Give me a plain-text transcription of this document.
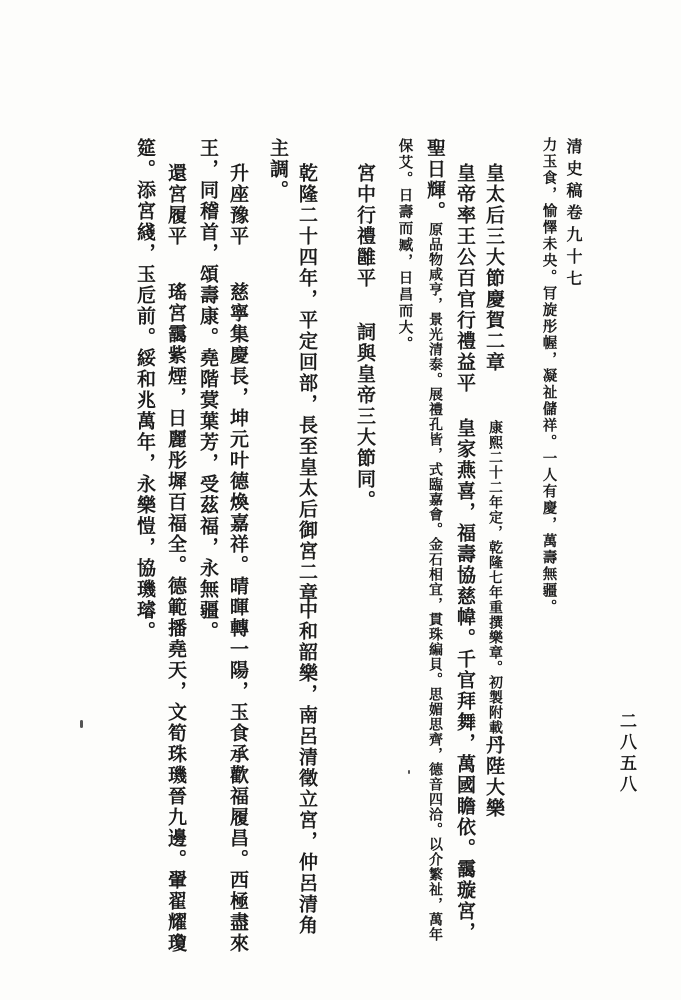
二八五八
清史稿卷九十七
力玉食，愉懌未央。肎旋彤幄，凝祉儲祥。一人有慶，萬壽無疆。
保艾。日壽而臧，日昌而大。	皇太后三大節慶賀二章
康熙二十二年定，乾隆七年重撰樂章。初製附載。
丹陛大樂
皇帝率王公百官行禮益平
皇家燕喜，福壽協慈幃。千官拜舞，萬國瞻依。靄璇宮，
聖日輝。
原品物咸亨，景光清泰。展禮孔皆，式臨嘉會。金石相宜，貫珠編貝。思媚思齊，德音四洽。以介繁祉，萬年
宮中行禮雝平
詞與皇帝三大節同。
乾隆二十四年，平定回部，長至皇太后御宮二章
中和韶樂，南呂清徵立宮，仲呂清角
主調。
升座豫平
慈寧集慶長，坤元叶德煥嘉祥。晴暉轉一陽，玉食承歡福履昌。西極盡來
王，同稽首，頌壽康。堯階蓂葉芳，受茲福，永無疆。
還宮履平
瑤宮靄紫煙，日麗彤墀百福全。德範播堯天，文筍珠璣晉九邊。翬翟耀瓊
筵。添宮綫，玉卮前。綏和兆萬年，永樂愷，協璣璿。
